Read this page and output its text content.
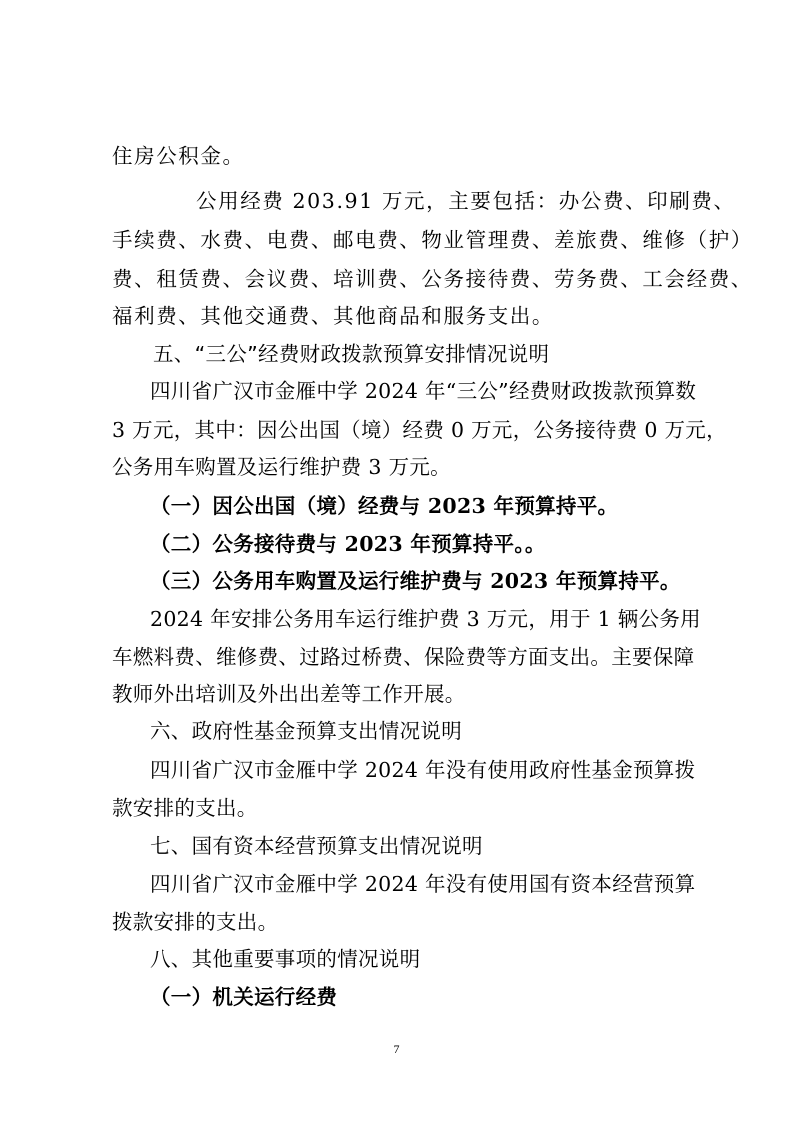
住房公积金。
公用经费 203.91 万元，主要包括：办公费、印刷费、
手续费、水费、电费、邮电费、物业管理费、差旅费、维修（护）
费、租赁费、会议费、培训费、公务接待费、劳务费、工会经费、
福利费、其他交通费、其他商品和服务支出。
五、“三公”经费财政拨款预算安排情况说明
四川省广汉市金雁中学 2024 年“三公”经费财政拨款预算数
3 万元，其中：因公出国（境）经费 0 万元，公务接待费 0 万元，
公务用车购置及运行维护费 3 万元。
（一）因公出国（境）经费与 2023 年预算持平。
（二）公务接待费与 2023 年预算持平。。
（三）公务用车购置及运行维护费与 2023 年预算持平。
2024 年安排公务用车运行维护费 3 万元，用于 1 辆公务用
车燃料费、维修费、过路过桥费、保险费等方面支出。主要保障
教师外出培训及外出出差等工作开展。
六、政府性基金预算支出情况说明
四川省广汉市金雁中学 2024 年没有使用政府性基金预算拨
款安排的支出。
七、国有资本经营预算支出情况说明
四川省广汉市金雁中学 2024 年没有使用国有资本经营预算
拨款安排的支出。
八、其他重要事项的情况说明
（一）机关运行经费
7
